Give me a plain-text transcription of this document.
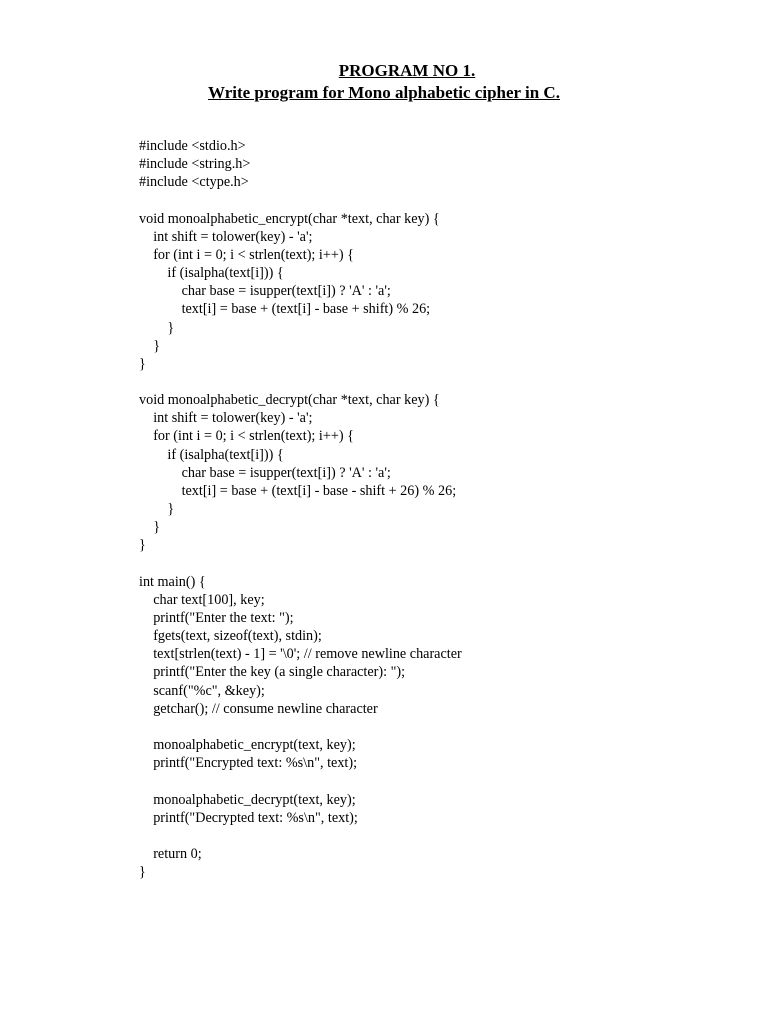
PROGRAM NO 1.
Write program for Mono alphabetic cipher in C.
#include <stdio.h>
#include <string.h>
#include <ctype.h>
void monoalphabetic_encrypt(char *text, char key) {
int shift = tolower(key) - 'a';
for (int i = 0; i < strlen(text); i++) {
if (isalpha(text[i])) {
char base = isupper(text[i]) ? 'A' : 'a';
text[i] = base + (text[i] - base + shift) % 26;
}
}
}
void monoalphabetic_decrypt(char *text, char key) {
int shift = tolower(key) - 'a';
for (int i = 0; i < strlen(text); i++) {
if (isalpha(text[i])) {
char base = isupper(text[i]) ? 'A' : 'a';
text[i] = base + (text[i] - base - shift + 26) % 26;
}
}
}
int main() {
char text[100], key;
printf("Enter the text: ");
fgets(text, sizeof(text), stdin);
text[strlen(text) - 1] = '\0'; // remove newline character
printf("Enter the key (a single character): ");
scanf("%c", &key);
getchar(); // consume newline character
monoalphabetic_encrypt(text, key);
printf("Encrypted text: %s\n", text);
monoalphabetic_decrypt(text, key);
printf("Decrypted text: %s\n", text);
return 0;
}
